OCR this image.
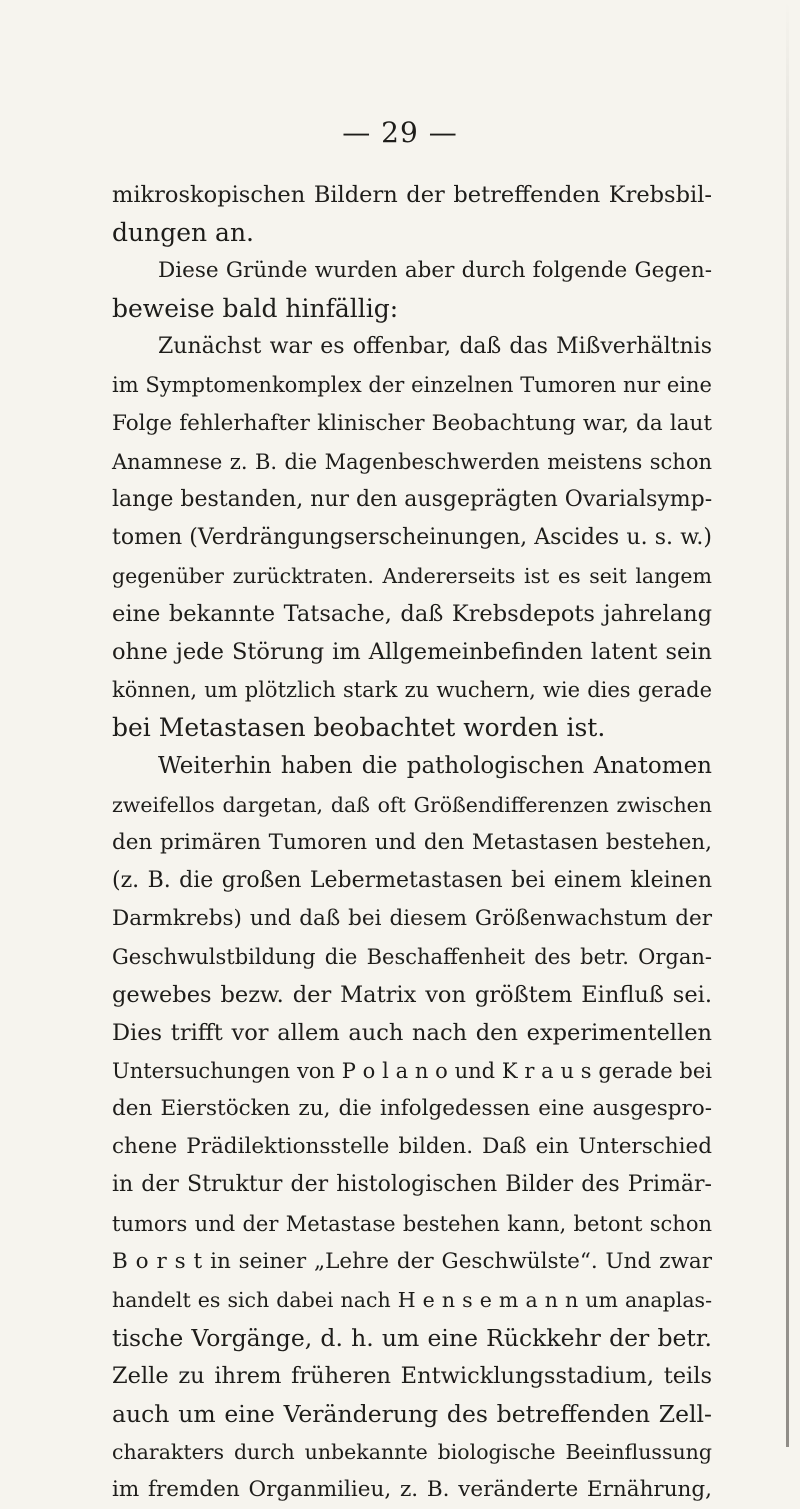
— 29 —
mikroskopischen Bildern der betreffenden Krebsbil-
dungen an.
Diese Gründe wurden aber durch folgende Gegen-
beweise bald hinfällig:
Zunächst war es offenbar, daß das Mißverhältnis
im Symptomenkomplex der einzelnen Tumoren nur eine
Folge fehlerhafter klinischer Beobachtung war, da laut
Anamnese z. B. die Magenbeschwerden meistens schon
lange bestanden, nur den ausgeprägten Ovarialsymp-
tomen (Verdrängungserscheinungen, Ascides u. s. w.)
gegenüber zurücktraten. Andererseits ist es seit langem
eine bekannte Tatsache, daß Krebsdepots jahrelang
ohne jede Störung im Allgemeinbefinden latent sein
können, um plötzlich stark zu wuchern, wie dies gerade
bei Metastasen beobachtet worden ist.
Weiterhin haben die pathologischen Anatomen
zweifellos dargetan, daß oft Größendifferenzen zwischen
den primären Tumoren und den Metastasen bestehen,
(z. B. die großen Lebermetastasen bei einem kleinen
Darmkrebs) und daß bei diesem Größenwachstum der
Geschwulstbildung die Beschaffenheit des betr. Organ-
gewebes bezw. der Matrix von größtem Einfluß sei.
Dies trifft vor allem auch nach den experimentellen
Untersuchungen von P o l a n o und K r a u s gerade bei
den Eierstöcken zu, die infolgedessen eine ausgespro-
chene Prädilektionsstelle bilden. Daß ein Unterschied
in der Struktur der histologischen Bilder des Primär-
tumors und der Metastase bestehen kann, betont schon
B o r s t in seiner „Lehre der Geschwülste“. Und zwar
handelt es sich dabei nach H e n s e m a n n um anaplas-
tische Vorgänge, d. h. um eine Rückkehr der betr.
Zelle zu ihrem früheren Entwicklungsstadium, teils
auch um eine Veränderung des betreffenden Zell-
charakters durch unbekannte biologische Beeinflussung
im fremden Organmilieu, z. B. veränderte Ernährung,
